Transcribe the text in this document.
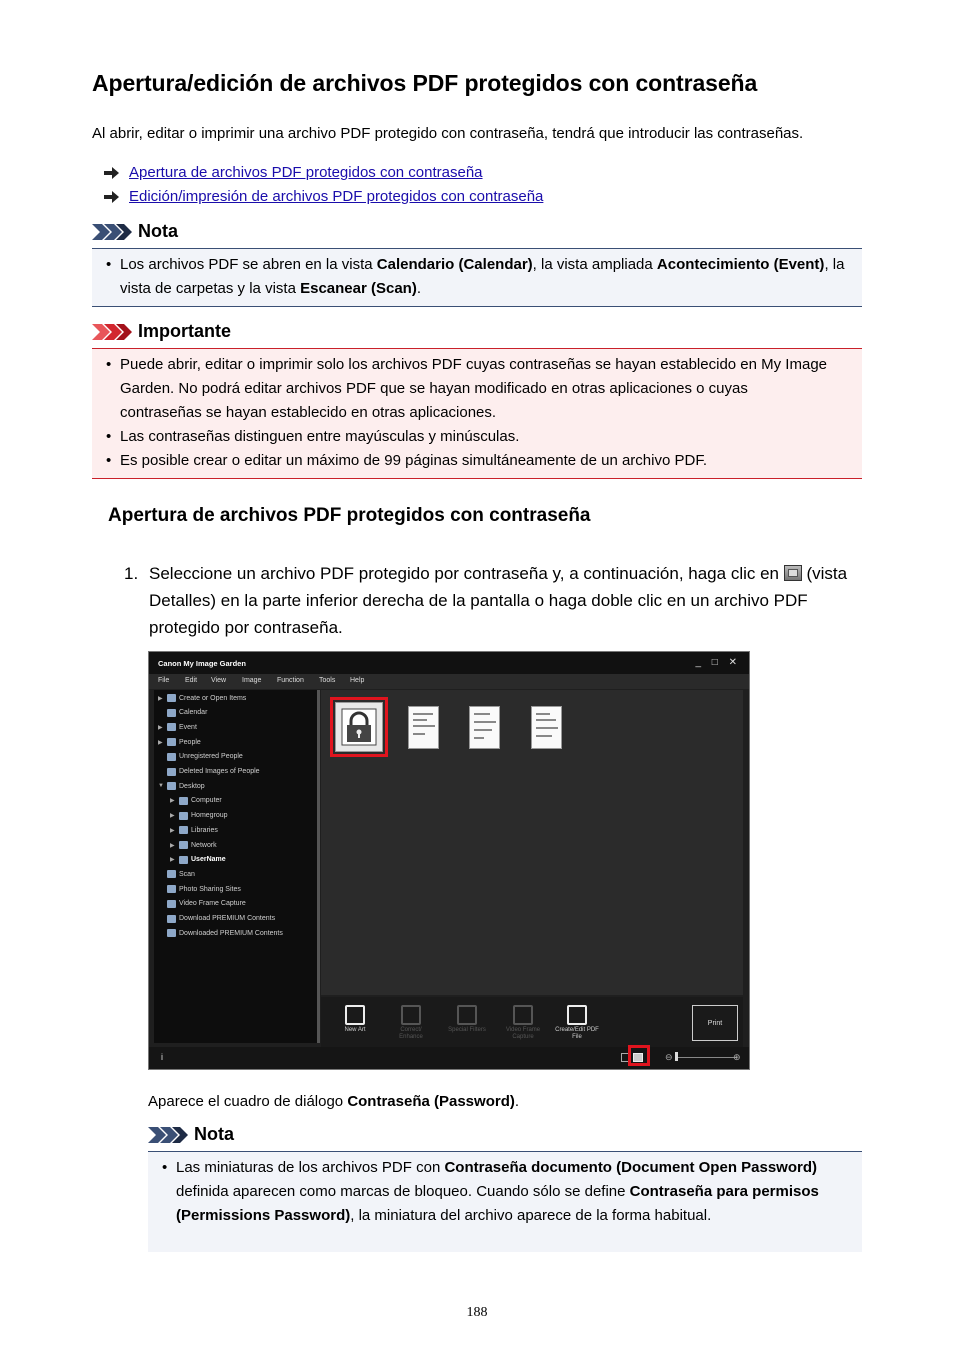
Apertura/edición de archivos PDF protegidos con contraseña
Al abrir, editar o imprimir una archivo PDF protegido con contraseña, tendrá que introducir las contraseñas.
Apertura de archivos PDF protegidos con contraseña
Edición/impresión de archivos PDF protegidos con contraseña
Nota
• Los archivos PDF se abren en la vista Calendario (Calendar), la vista ampliada Acontecimiento (Event), la vista de carpetas y la vista Escanear (Scan).
Importante
• Puede abrir, editar o imprimir solo los archivos PDF cuyas contraseñas se hayan establecido en My Image Garden. No podrá editar archivos PDF que se hayan modificado en otras aplicaciones o cuyas contraseñas se hayan establecido en otras aplicaciones.
• Las contraseñas distinguen entre mayúsculas y minúsculas.
• Es posible crear o editar un máximo de 99 páginas simultáneamente de un archivo PDF.
Apertura de archivos PDF protegidos con contraseña
1. Seleccione un archivo PDF protegido por contraseña y, a continuación, haga clic en  (vista Detalles) en la parte inferior derecha de la pantalla o haga doble clic en un archivo PDF protegido por contraseña.
Canon My Image Garden	_ □ ✕
File Edit View Image Function Tools Help
▶	Create or Open Items
Calendar
▶	Event
▶	People
Unregistered People
Deleted Images of People
▼	Desktop
▶	Computer
▶	Homegroup
▶	Libraries
▶	Network
▶	UserName
Scan
Photo Sharing Sites
Video Frame Capture
Download PREMIUM Contents
Downloaded PREMIUM Contents
Print
New Art	Correct/ Enhance
Special Filters	Video Frame Capture
Create/Edit PDF File
i	⊖	⊕
Aparece el cuadro de diálogo Contraseña (Password).
Nota
• Las miniaturas de los archivos PDF con Contraseña documento (Document Open Password) definida aparecen como marcas de bloqueo. Cuando sólo se define Contraseña para permisos (Permissions Password), la miniatura del archivo aparece de la forma habitual.
188
